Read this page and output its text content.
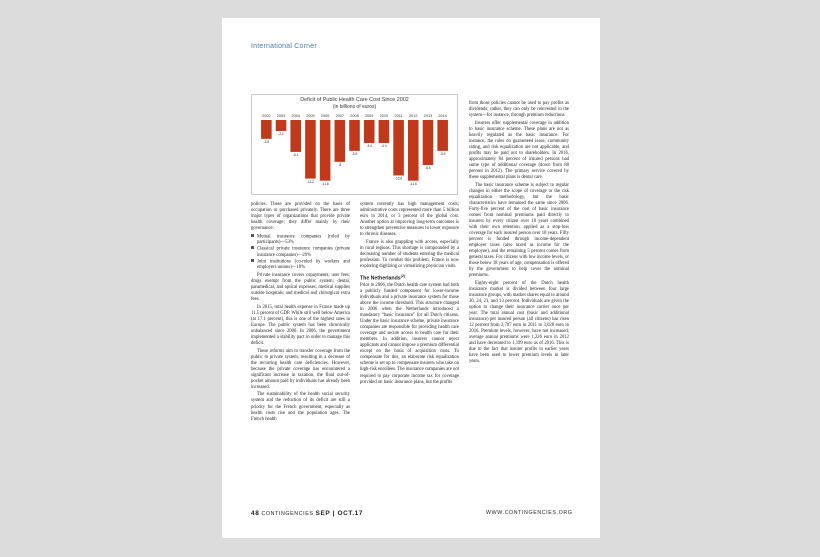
International Corner
Deficit of Public Health Care Cost Since 2002
(in billions of euros)
2002
-3.6
2003
-2.1
2004
-6.1
2005
-11.2
2006
-11.6
2007
-8
2008
-5.9
2009
-4.4
2010
-4.4
2011
-10.6
2012
-11.6
2013
-8.6
2014
-5.9

policies. These are provided on the basis of occupation or purchased privately. There are three major types of organizations that provide private health coverage; they differ mainly by their governance:

Mutual insurance companies (ruled by participants)—53%
Classical private insurance companies (private insurance companies)—29%
Joint institutions (co-ruled by workers and employers unions)—18%

Private insurance covers copayments; user fees; drugs exempt from the public system; dental, paramedical, and optical expenses; medical supplies outside hospitals; and medical and chirurgical extra fees.

In 2015, total health expense in France made up 11.5 percent of GDP. While still well below America (at 17.1 percent), this is one of the highest rates in Europe. The public system has been chronically unbalanced since 2000. In 2006, the government implemented a stability pact in order to manage this deficit.

These reforms aim to transfer coverage from the public to private system, resulting in a decrease of the recurring health care deficiencies. However, because the private coverage has encountered a significant increase in taxation, the final out-of-pocket amount paid by individuals has already been increased.

The sustainability of the health social security system and the reduction of its deficit are still a priority for the French government, especially as health costs rise and the population ages. The French health

system currently has high management costs; administrative costs represented more than 5 billion euro in 2014, or 3 percent of the global cost. Another option at improving long-term outcomes is to strengthen preventive measures to lower exposure to chronic diseases.

France is also grappling with access, especially in rural regions. This shortage is compounded by a decreasing number of students entering the medical profession. To combat this problem, France is now exploring digitizing or virtualizing physician visits.

The Netherlands$^{(2)}$

Prior to 2006, the Dutch health care system had both a publicly funded component for lower-income individuals and a private insurance system for those above the income threshold. This structure changed in 2006 when the Netherlands introduced a mandatory “basic insurance” for all Dutch citizens. Under the basic insurance scheme, private insurance companies are responsible for providing health care coverage and secure access to health care for their members. In addition, insurers cannot reject applicants and cannot impose a premium differential except on the basis of acquisition costs. To compensate for this, an elaborate risk equalization scheme is set up to compensate insurers who take on high-risk enrollees. The insurance companies are not required to pay corporate income tax for coverage provided on basic insurance plans, but the profits

from those policies cannot be used to pay profits as dividends; rather, they can only be reinvested in the system—for instance, through premium reductions.

Insurers offer supplemental coverage in addition to basic insurance scheme. These plans are not as heavily regulated as the basic insurance. For instance, the rules on guaranteed issue, community rating, and risk equalization are not applicable, and profits may be paid out to shareholders. In 2016, approximately 84 percent of insured persons had some type of additional coverage (down from 88 percent in 2012). The primary service covered by these supplemental plans is dental care.

The basic insurance scheme is subject to regular changes in either the scope of coverage or the risk equalization methodology, but the basic characteristics have remained the same since 2006. Forty-five percent of the cost of basic insurance comes from nominal premiums paid directly to insurers by every citizen over 18 years combined with their own retention, applied as a stop-loss coverage for each insured person over 18 years. Fifty percent is funded through income-dependent employer taxes (also taxed as income for the employee), and the remaining 5 percent comes from general taxes. For citizens with low income levels, or those below 18 years of age, compensation is offered by the government to help cover the nominal premiums.

Eighty-eight percent of the Dutch health insurance market is divided between four large insurance groups, with market shares equal to around 30, 24, 21, and 13 percent. Individuals are given the option to change their insurance carrier once per year. The total annual cost (basic and additional insurance) per insured person (all citizens) has risen 12 percent from 2,707 euro in 2011 to 3,028 euro in 2016. Premium levels, however, have not increased; average annual premiums were 1,226 euro in 2012 and have decreased to 1,199 euro as of 2016. This is due to the fact that insurer profits in earlier years have been used to lower premium levels in later years.

48 CONTINGENCIES SEP | OCT.17	WWW.CONTINGENCIES.ORG
